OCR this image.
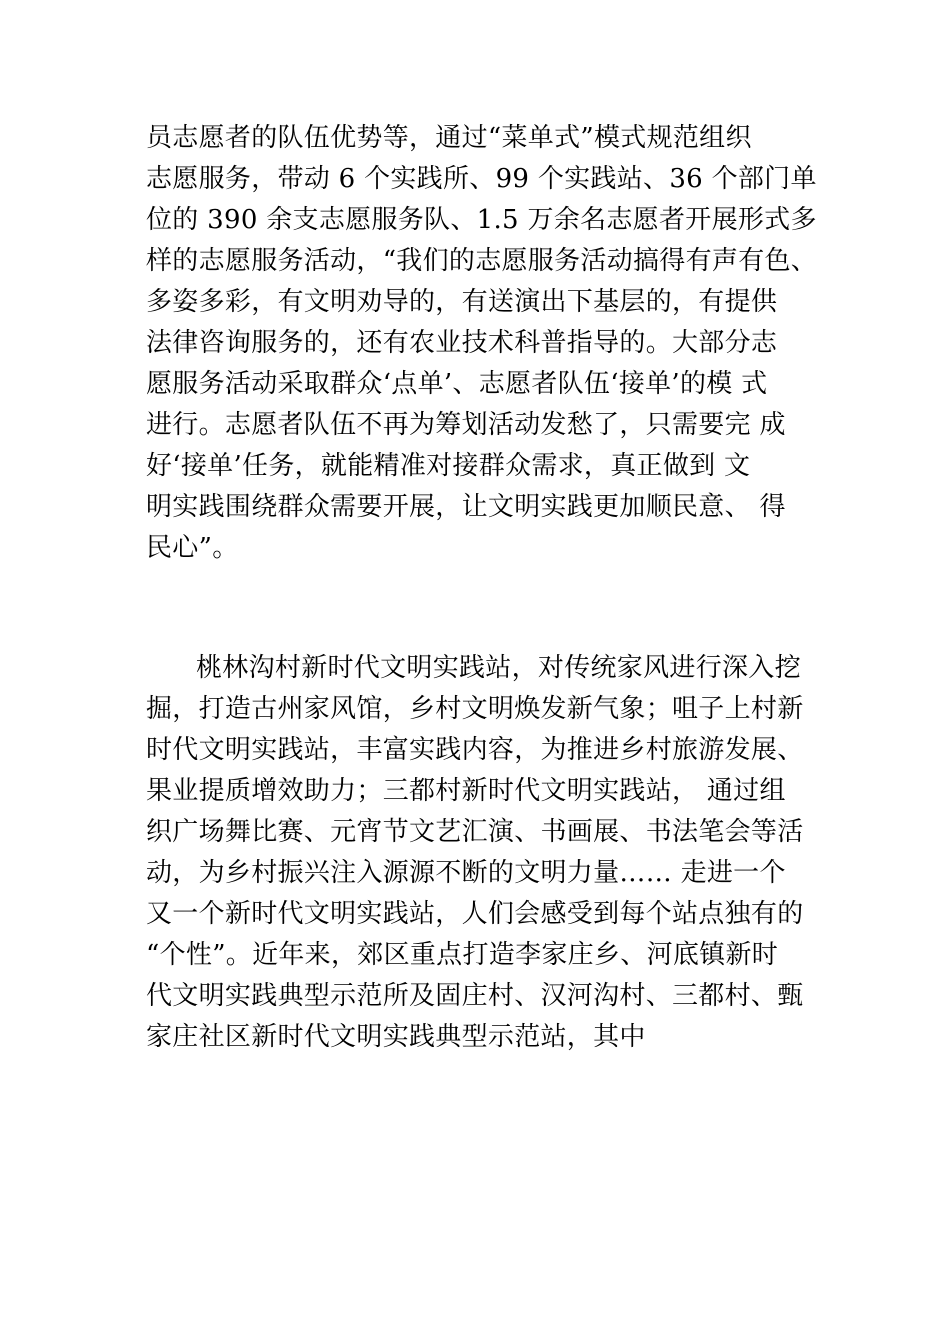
员志愿者的队伍优势等，通过“菜单式”模式规范组织
志愿服务，带动 6 个实践所、99 个实践站、36 个部门单
位的 390 余支志愿服务队、1.5 万余名志愿者开展形式多
样的志愿服务活动，“我们的志愿服务活动搞得有声有色、
多姿多彩，有文明劝导的，有送演出下基层的，有提供
法律咨询服务的，还有农业技术科普指导的。大部分志
愿服务活动采取群众‘点单’、志愿者队伍‘接单’的模 式
进行。志愿者队伍不再为筹划活动发愁了，只需要完 成
好‘接单’任务，就能精准对接群众需求，真正做到 文
明实践围绕群众需要开展，让文明实践更加顺民意、 得
民心”。
桃林沟村新时代文明实践站，对传统家风进行深入挖
掘，打造古州家风馆，乡村文明焕发新气象；咀子上村新
时代文明实践站，丰富实践内容，为推进乡村旅游发展、
果业提质增效助力；三都村新时代文明实践站， 通过组
织广场舞比赛、元宵节文艺汇演、书画展、书法笔会等活
动，为乡村振兴注入源源不断的文明力量…… 走进一个
又一个新时代文明实践站，人们会感受到每个站点独有的
“个性”。近年来，郊区重点打造李家庄乡、河底镇新时
代文明实践典型示范所及固庄村、汉河沟村、三都村、甄
家庄社区新时代文明实践典型示范站，其中
